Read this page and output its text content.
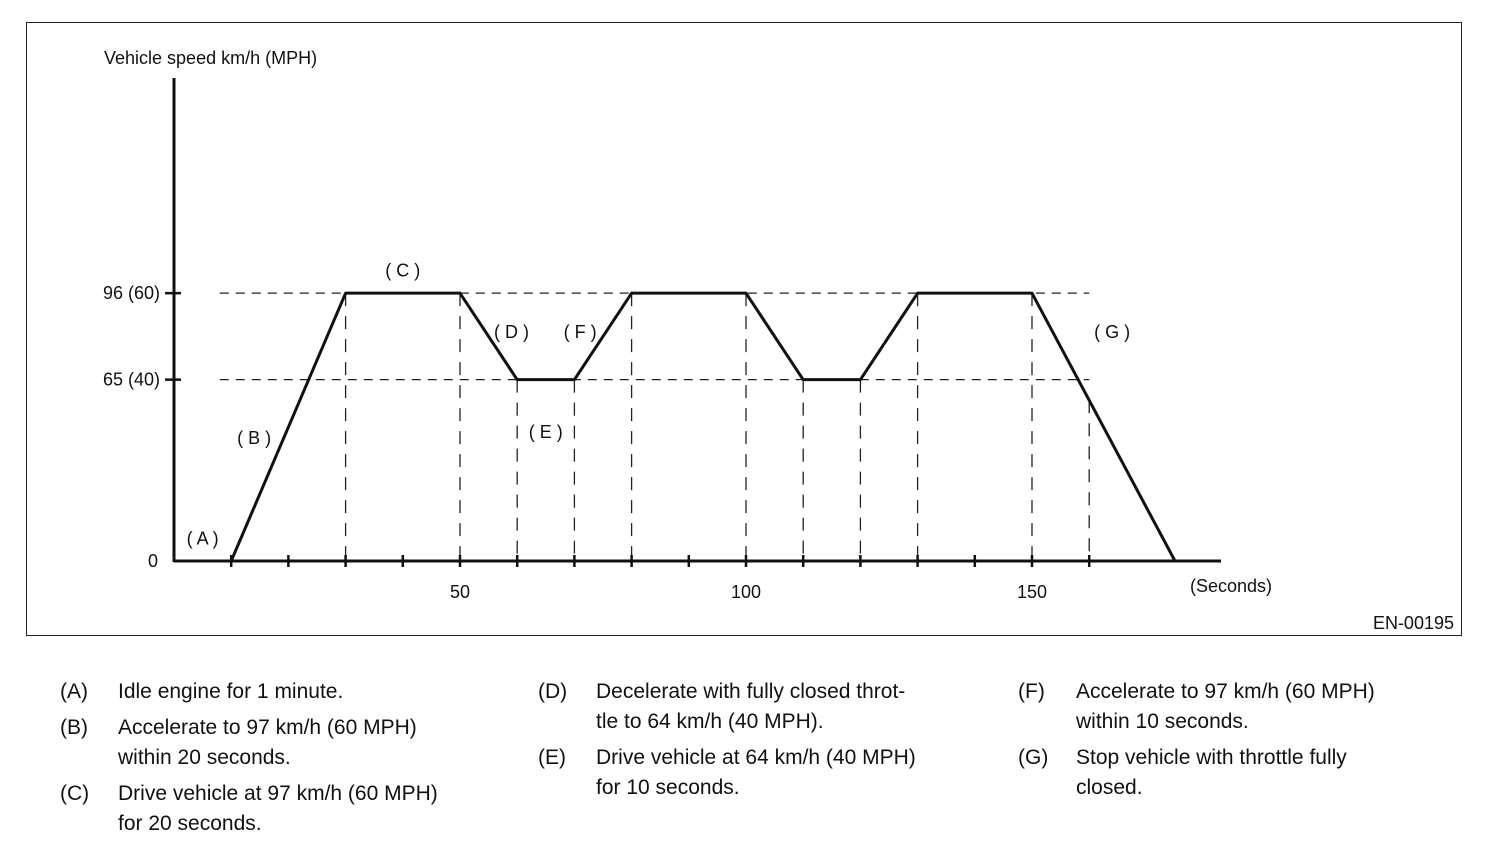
50	100	150
0
65 (40)
96 (60)
Vehicle speed km/h (MPH)
(Seconds)
( A )
( B )
( C )
( D ) ( F )
( E )
( G )
EN-00195
(A) Idle engine for 1 minute.
(B) Accelerate to 97 km/h (60 MPH)
within 20 seconds.
(C) Drive vehicle at 97 km/h (60 MPH)
for 20 seconds.
(D) Decelerate with fully closed throt-
tle to 64 km/h (40 MPH).
(E) Drive vehicle at 64 km/h (40 MPH)
for 10 seconds.
(F) Accelerate to 97 km/h (60 MPH)
within 10 seconds.
(G) Stop vehicle with throttle fully
closed.
